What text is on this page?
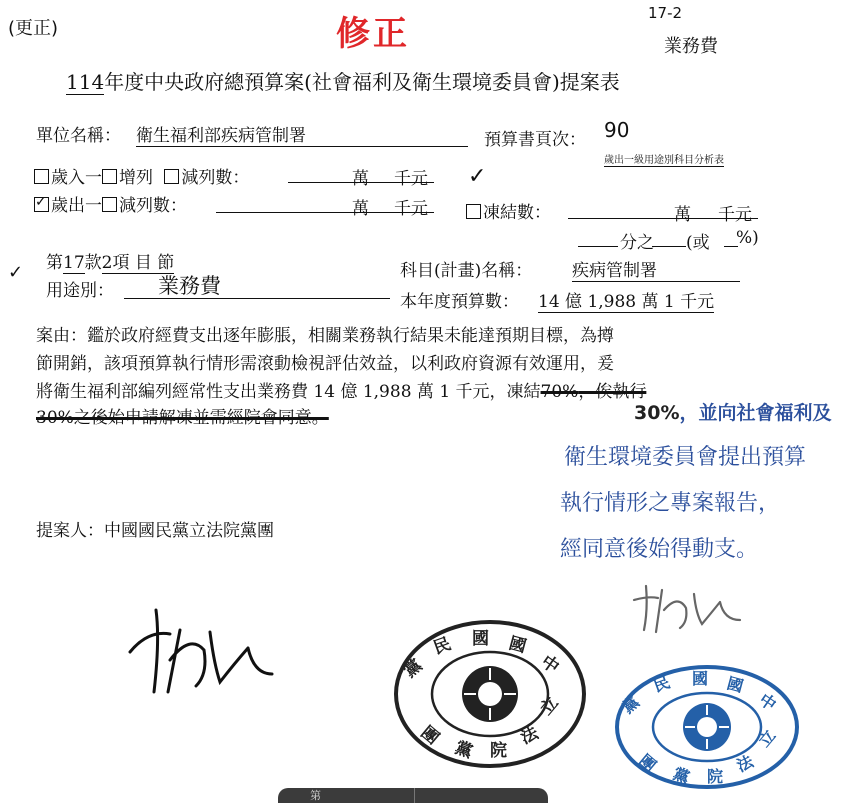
(更正)	修正
17-2
業務費
114年度中央政府總預算案(社會福利及衛生環境委員會)提案表
單位名稱： 衛生福利部疾病管制署	預算書頁次： 90
歲出一級用途別科目分析表
歲入一 增列 減列數：	萬 千元 ✓
✓歲出一 減列數：	萬 千元	凍結數：	萬 千元
分之 (或 %)
✓ 第17款2項 目 節
用途別： 業務費
科目(計畫)名稱： 疾病管制署
本年度預算數： 14 億 1,988 萬 1 千元
案由：鑑於政府經費支出逐年膨脹，相關業務執行結果未能達預期目標，為撙
節開銷，該項預算執行情形需滾動檢視評估效益，以利政府資源有效運用，爰
將衛生福利部編列經常性支出業務費 14 億 1,988 萬 1 千元，凍結70%，俟執行
30%之後始申請解凍並需經院會同意。	30%，並向社會福利及
衛生環境委員會提出預算
執行情形之專案報告，
經同意後始得動支。
提案人：中國國民黨立法院黨團
黨
民 國 國
中
立
法
院
黨
團
黨
民 國 國
中
立
法
院
黨
團
第
